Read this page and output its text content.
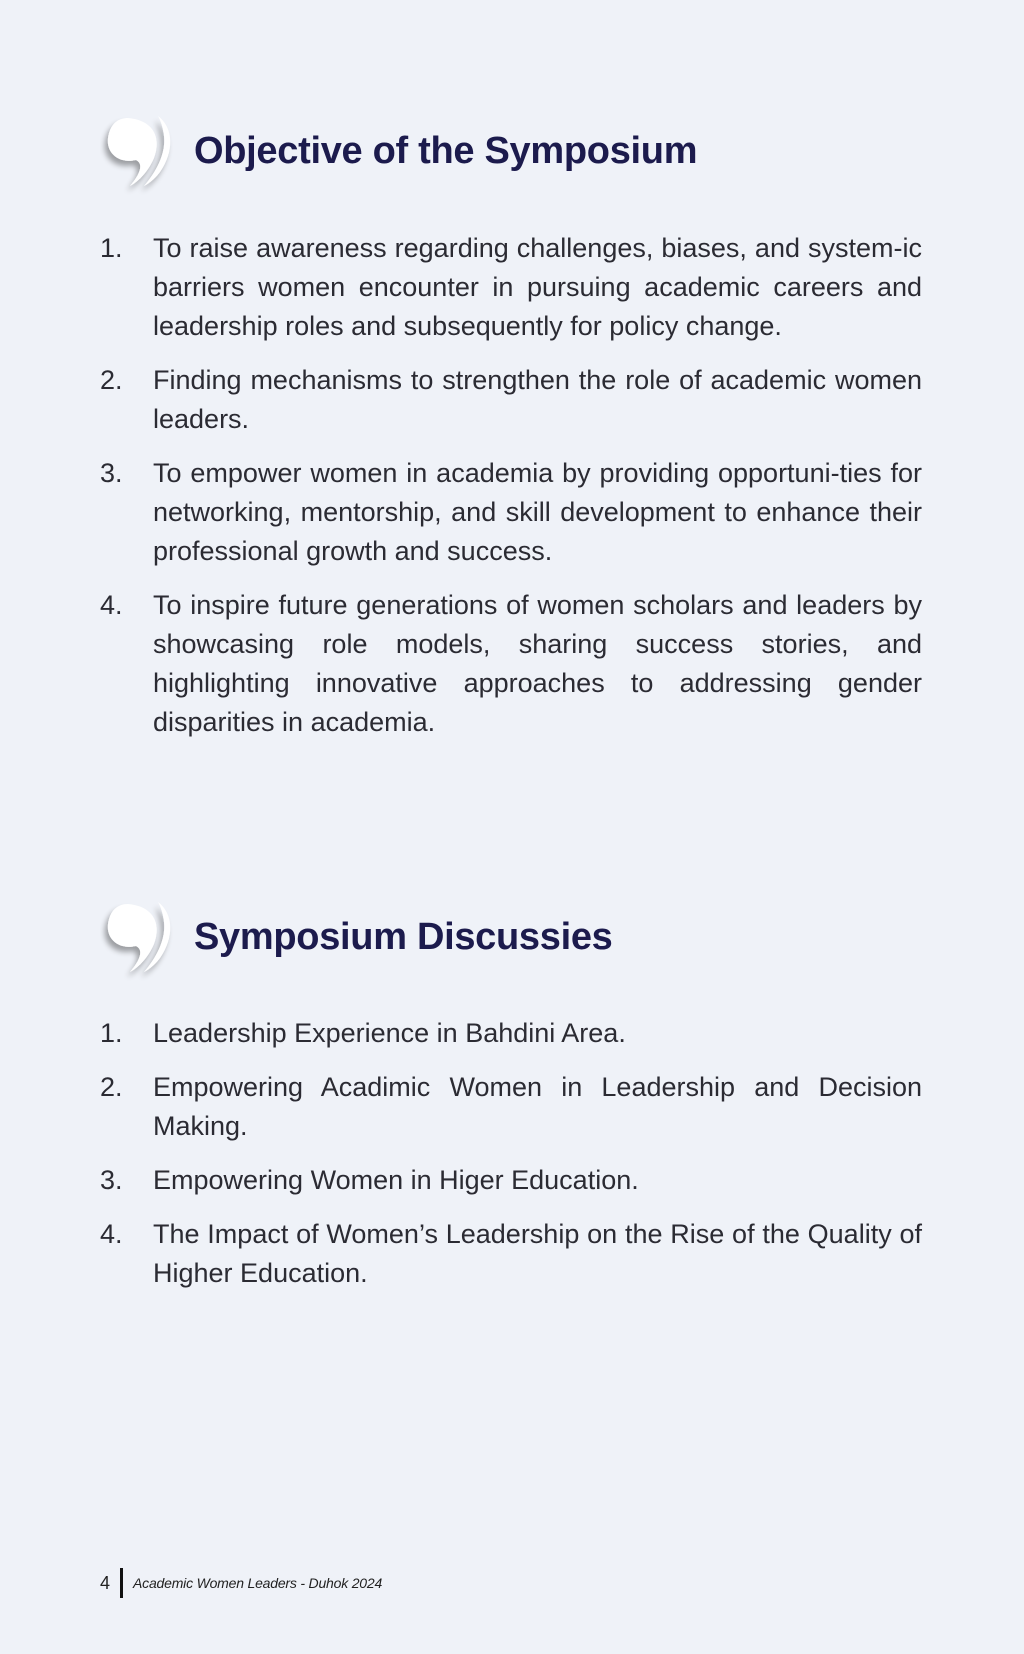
Objective of the Symposium
1.	To raise awareness regarding challenges, biases, and system-ic barriers women encounter in pursuing academic careers and leadership roles and subsequently for policy change.
2.	Finding mechanisms to strengthen the role of academic women leaders.
3.	To empower women in academia by providing opportuni-ties for networking, mentorship, and skill development to enhance their professional growth and success.
4.	To inspire future generations of women scholars and leaders by showcasing role models, sharing success stories, and highlighting innovative approaches to addressing gender disparities in academia.
Symposium Discussies
1.	Leadership Experience in Bahdini Area.
2.	Empowering Acadimic Women in Leadership and Decision Making.
3.	Empowering Women in Higer Education.
4.	The Impact of Women’s Leadership on the Rise of the Quality of Higher Education.
4 Academic Women Leaders - Duhok 2024
